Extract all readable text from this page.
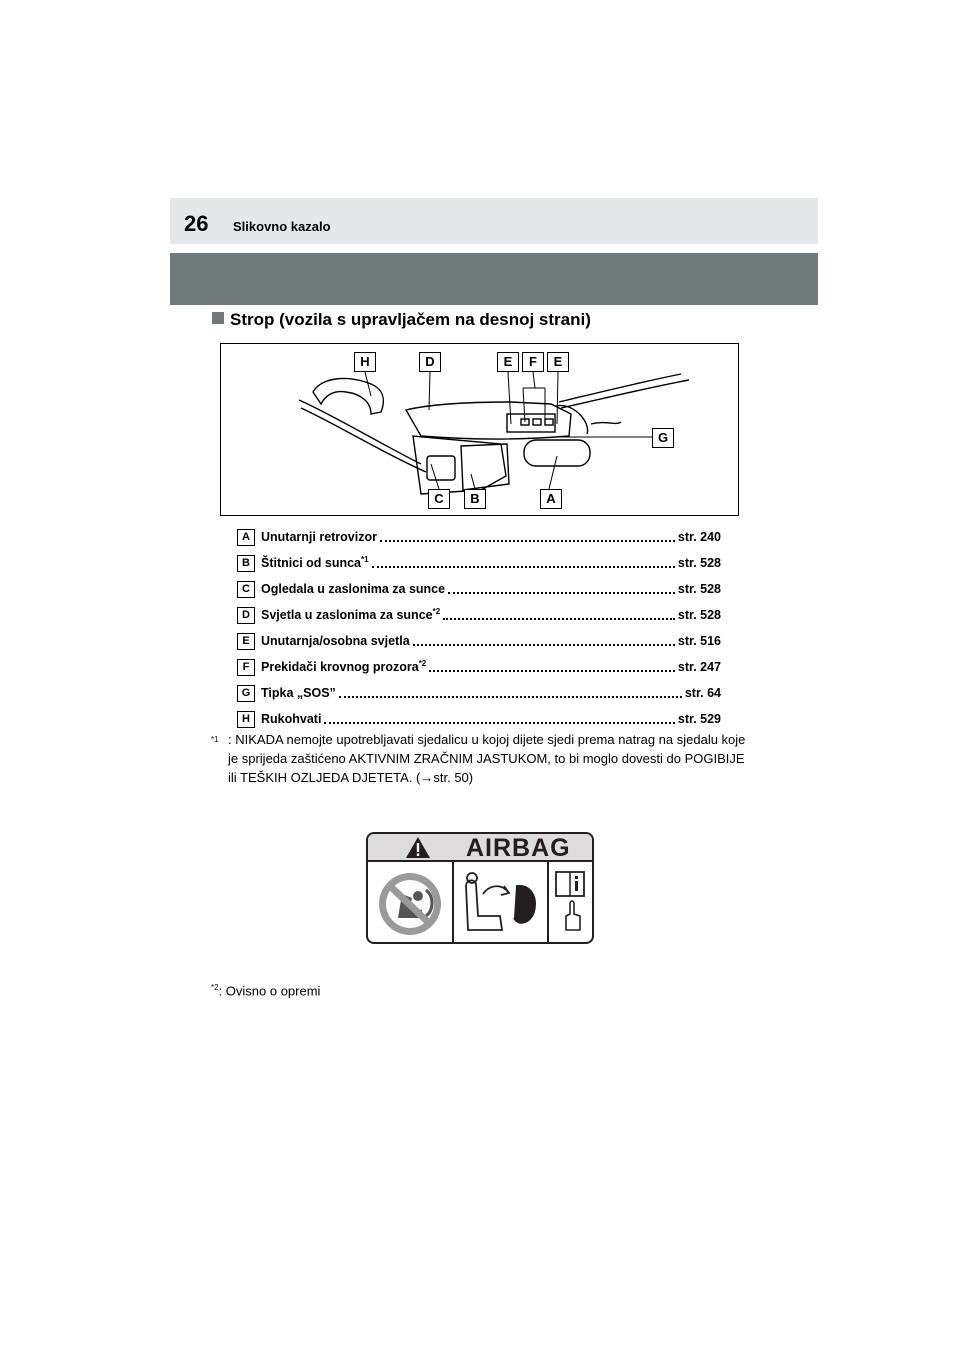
26 Slikovno kazalo
Strop (vozila s upravljačem na desnoj strani)
H	D	E	F	E
G
C	B	A
A Unutarnji retrovizor	str. 240
B Štitnici od sunca$^{*1}$	str. 528
C Ogledala u zaslonima za sunce	str. 528
D Svjetla u zaslonima za sunce$^{*2}$	str. 528
E Unutarnja/osobna svjetla	str. 516
F Prekidači krovnog prozora$^{*2}$	str. 247
G Tipka „SOS”	str. 64
H Rukohvati	str. 529
$^{*1}$ : NIKADA nemojte upotrebljavati sjedalicu u kojoj dijete sjedi prema natrag na sjedalu koje je sprijeda zaštićeno AKTIVNIM ZRAČNIM JASTUKOM, to bi moglo dovesti do POGIBIJE ili TEŠKIH OZLJEDA DJETETA. (→str. 50)
AIRBAG
$^{*2}$: Ovisno o opremi
